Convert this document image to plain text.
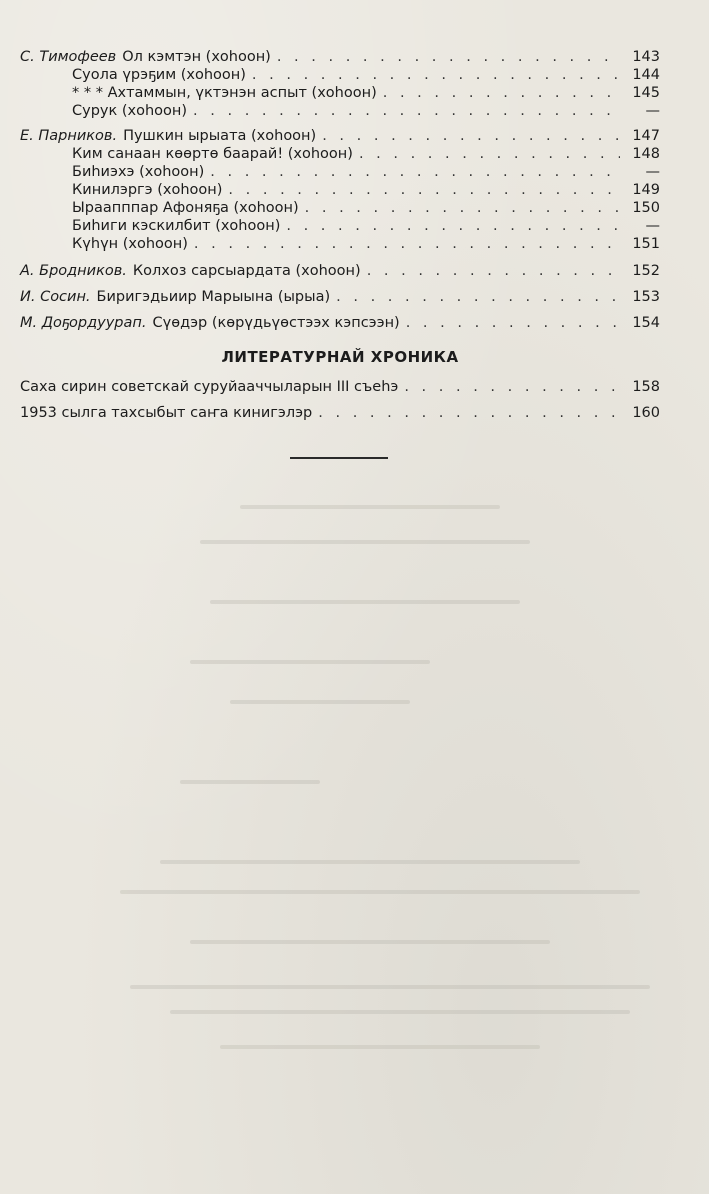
С. Тимофеев Ол кэмтэн (хоһоон) . . .	143
Суола үрэҕим (хоһоон) . . .	144
* * * Ахтаммын, үктэнэн аспыт (хоһоон) . . .	145
Сурук (хоһоон) . . .	—
Е. Парников. Пушкин ырыата (хоһоон) . . .	147
Ким санаан көөртө баарай! (хоһоон) . . .	148
Биһиэхэ (хоһоон) . . .	—
Кинилэргэ (хоһоон) . . .	149
Ыраапппар Афоняҕа (хоһоон) . . .	150
Биһиги кэскилбит (хоһоон) . . .	—
Күһүн (хоһоон) . . .	151
А. Бродников. Колхоз сарсыардата (хоһоон) . . .	152
И. Сосин. Биригэдьиир Марыына (ырыа) . . .	153
М. Доҕордуурап. Сүөдэр (көрүдьүөстээх кэпсээн) . . .	154
ЛИТЕРАТУРНАЙ ХРОНИКА
Саха сирин советскай суруйааччыларын III съеһэ . . .	158
1953 сылга тахсыбыт саҥа кинигэлэр . . .	160
